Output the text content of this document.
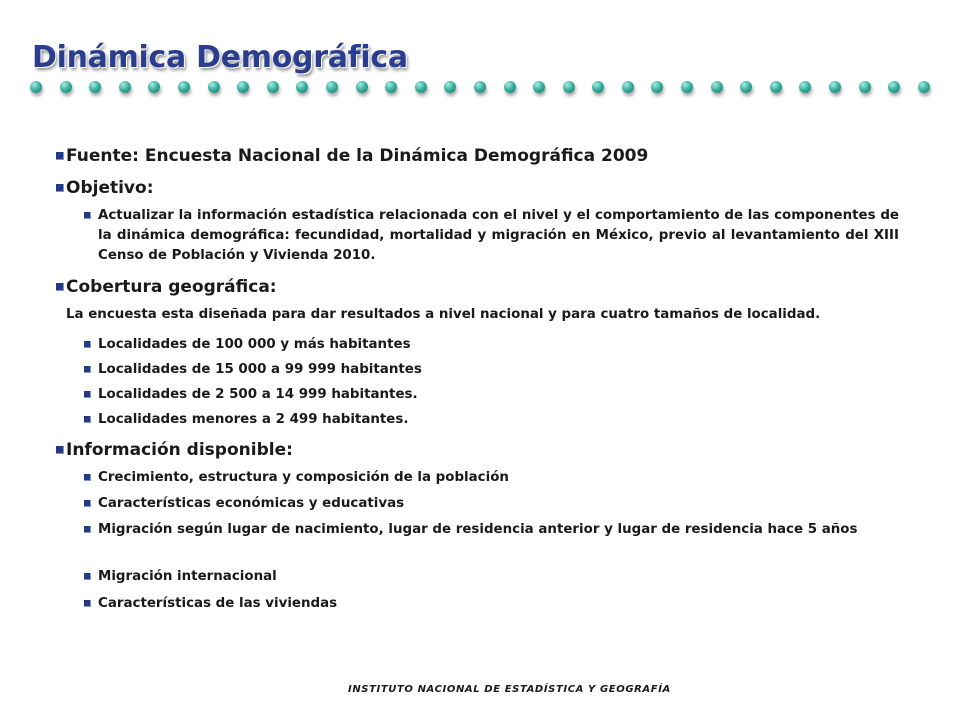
Dinámica Demográfica
Fuente: Encuesta Nacional de la Dinámica Demográfica 2009
Objetivo:
Actualizar la información estadística relacionada con el nivel y el comportamiento de las componentes de la dinámica demográfica: fecundidad, mortalidad y migración en México, previo al levantamiento del XIII Censo de Población y Vivienda 2010.
Cobertura geográfica:
La encuesta esta diseñada para dar resultados a nivel nacional y para cuatro tamaños de localidad.
Localidades de 100 000 y más habitantes
Localidades de 15 000 a 99 999 habitantes
Localidades de 2 500 a 14 999 habitantes.
Localidades menores a 2 499 habitantes.
Información disponible:
Crecimiento, estructura y composición de la población
Características económicas y educativas
Migración según lugar de nacimiento, lugar de residencia anterior y lugar de residencia hace 5 años
Migración internacional
Características de las viviendas
INSTITUTO NACIONAL DE ESTADÍSTICA Y GEOGRAFÍA
